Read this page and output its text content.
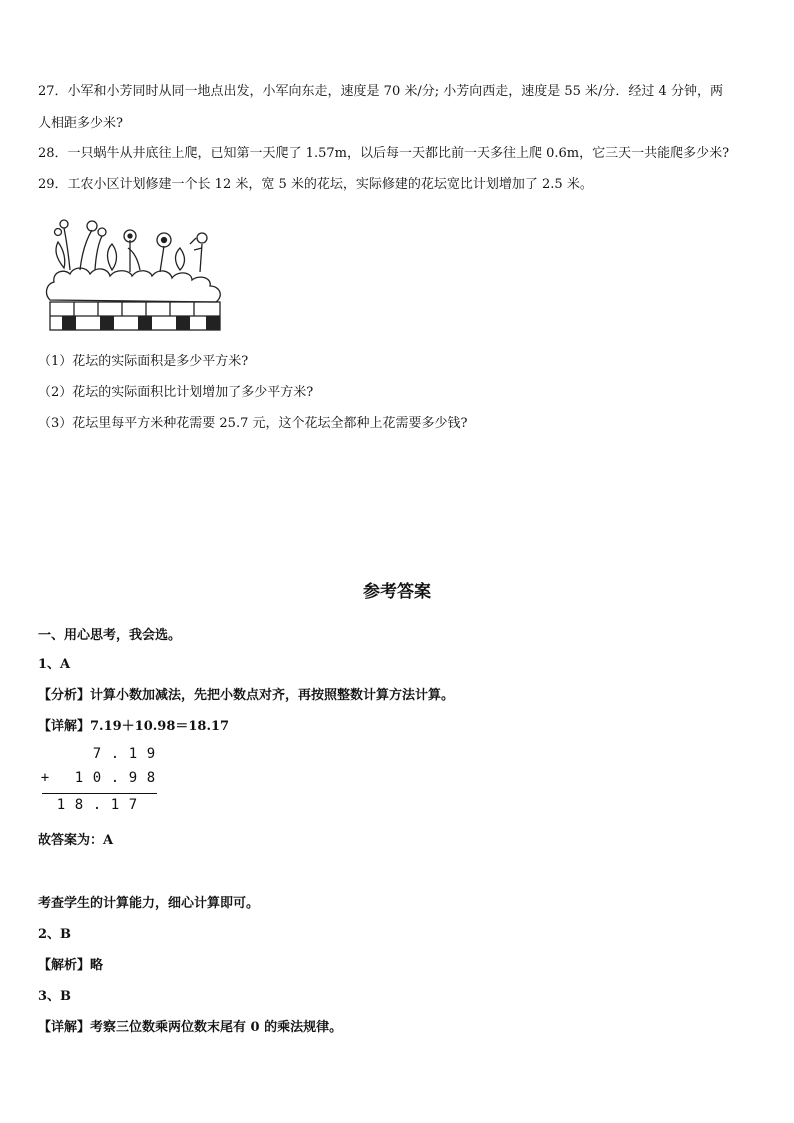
27．小军和小芳同时从同一地点出发，小军向东走，速度是 70 米/分; 小芳向西走，速度是 55 米/分．经过 4 分钟，两
人相距多少米?
28．一只蜗牛从井底往上爬，已知第一天爬了 1.57m，以后每一天都比前一天多往上爬 0.6m，它三天一共能爬多少米?
29．工农小区计划修建一个长 12 米，宽 5 米的花坛，实际修建的花坛宽比计划增加了 2.5 米。
（1）花坛的实际面积是多少平方米?
（2）花坛的实际面积比计划增加了多少平方米?
（3）花坛里每平方米种花需要 25.7 元，这个花坛全都种上花需要多少钱?
参考答案
一、用心思考，我会选。
1、A
【分析】计算小数加减法，先把小数点对齐，再按照整数计算方法计算。
【详解】7.19＋10.98＝18.17
7 . 1 9
+ 1 0 . 9 8
1 8 . 1 7
故答案为：A
考查学生的计算能力，细心计算即可。
2、B
【解析】略
3、B
【详解】考察三位数乘两位数末尾有 0 的乘法规律。
